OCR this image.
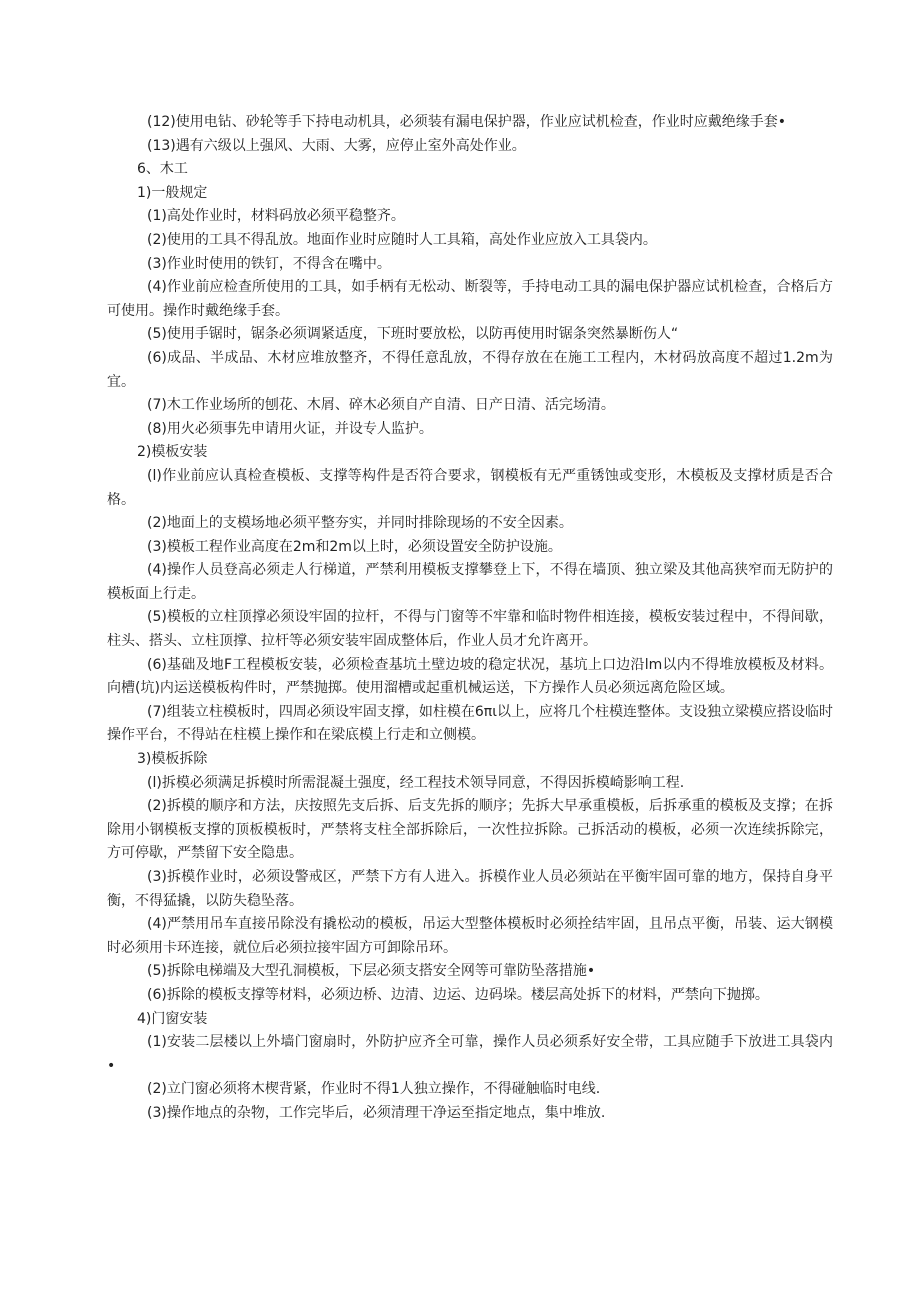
(12)使用电钻、砂轮等手下持电动机具，必须装有漏电保护器，作业应试机检查，作业时应戴绝缘手套•

(13)遇有六级以上强风、大雨、大雾，应停止室外高处作业。

6、木工

1)一般规定

(1)高处作业时，材料码放必须平稳整齐。

(2)使用的工具不得乱放。地面作业时应随时人工具箱，高处作业应放入工具袋内。

(3)作业时使用的铁钉，不得含在嘴中。

(4)作业前应检查所使用的工具，如手柄有无松动、断裂等，手持电动工具的漏电保护器应试机检查，合格后方可使用。操作时戴绝缘手套。

(5)使用手锯时，锯条必须调紧适度，下班时要放松，以防再使用时锯条突然暴断伤人“

(6)成品、半成品、木材应堆放整齐，不得任意乱放，不得存放在在施工工程内，木材码放高度不超过1.2m为宜。

(7)木工作业场所的刨花、木屑、碎木必须自产自清、日产日清、活完场清。

(8)用火必须事先申请用火证，并设专人监护。

2)模板安装

(l)作业前应认真检查模板、支撑等构件是否符合要求，钢模板有无严重锈蚀或变形，木模板及支撑材质是否合格。

(2)地面上的支模场地必须平整夯实，并同时排除现场的不安全因素。

(3)模板工程作业高度在2m和2m以上时，必须设置安全防护设施。

(4)操作人员登高必须走人行梯道，严禁利用模板支撑攀登上下，不得在墙顶、独立梁及其他高狭窄而无防护的模板面上行走。

(5)模板的立柱顶撑必须设牢固的拉杆，不得与门窗等不牢靠和临时物件相连接，模板安装过程中，不得间歇，柱头、搭头、立柱顶撑、拉杆等必须安装牢固成整体后，作业人员才允许离开。

(6)基础及地F工程模板安装，必须检查基坑土壁边坡的稳定状况，基坑上口边沿lm以内不得堆放模板及材料。向槽(坑)内运送模板构件时，严禁抛掷。使用溜槽或起重机械运送，下方操作人员必须远离危险区域。

(7)组装立柱模板时，四周必须设牢固支撑，如柱模在6πι以上，应将几个柱模连整体。支设独立梁模应搭设临时操作平台，不得站在柱模上操作和在梁底模上行走和立侧模。

3)模板拆除

(l)拆模必须满足拆模时所需混凝土强度，经工程技术领导同意，不得因拆模崎影响工程.

(2)拆模的顺序和方法，庆按照先支后拆、后支先拆的顺序；先拆大早承重模板，后拆承重的模板及支撑；在拆除用小钢模板支撑的顶板模板时，严禁将支柱全部拆除后，一次性拉拆除。己拆活动的模板，必须一次连续拆除完，方可停歇，严禁留下安全隐患。

(3)拆模作业时，必须设警戒区，严禁下方有人进入。拆模作业人员必须站在平衡牢固可靠的地方，保持自身平衡，不得猛撬，以防失稳坠落。

(4)严禁用吊车直接吊除没有撬松动的模板，吊运大型整体模板时必须拴结牢固，且吊点平衡，吊装、运大钢模时必须用卡环连接，就位后必须拉接牢固方可卸除吊环。

(5)拆除电梯端及大型孔洞模板，下层必须支搭安全网等可靠防坠落措施•

(6)拆除的模板支撑等材料，必须边桥、边清、边运、边码垛。楼层高处拆下的材料，严禁向下抛掷。

4)门窗安装

(1)安装二层楼以上外墙门窗扇时，外防护应齐全可靠，操作人员必须系好安全带，工具应随手下放进工具袋内•

(2)立门窗必须将木楔背紧，作业时不得1人独立操作，不得碰触临时电线.

(3)操作地点的杂物，工作完毕后，必须清理干净运至指定地点，集中堆放.
